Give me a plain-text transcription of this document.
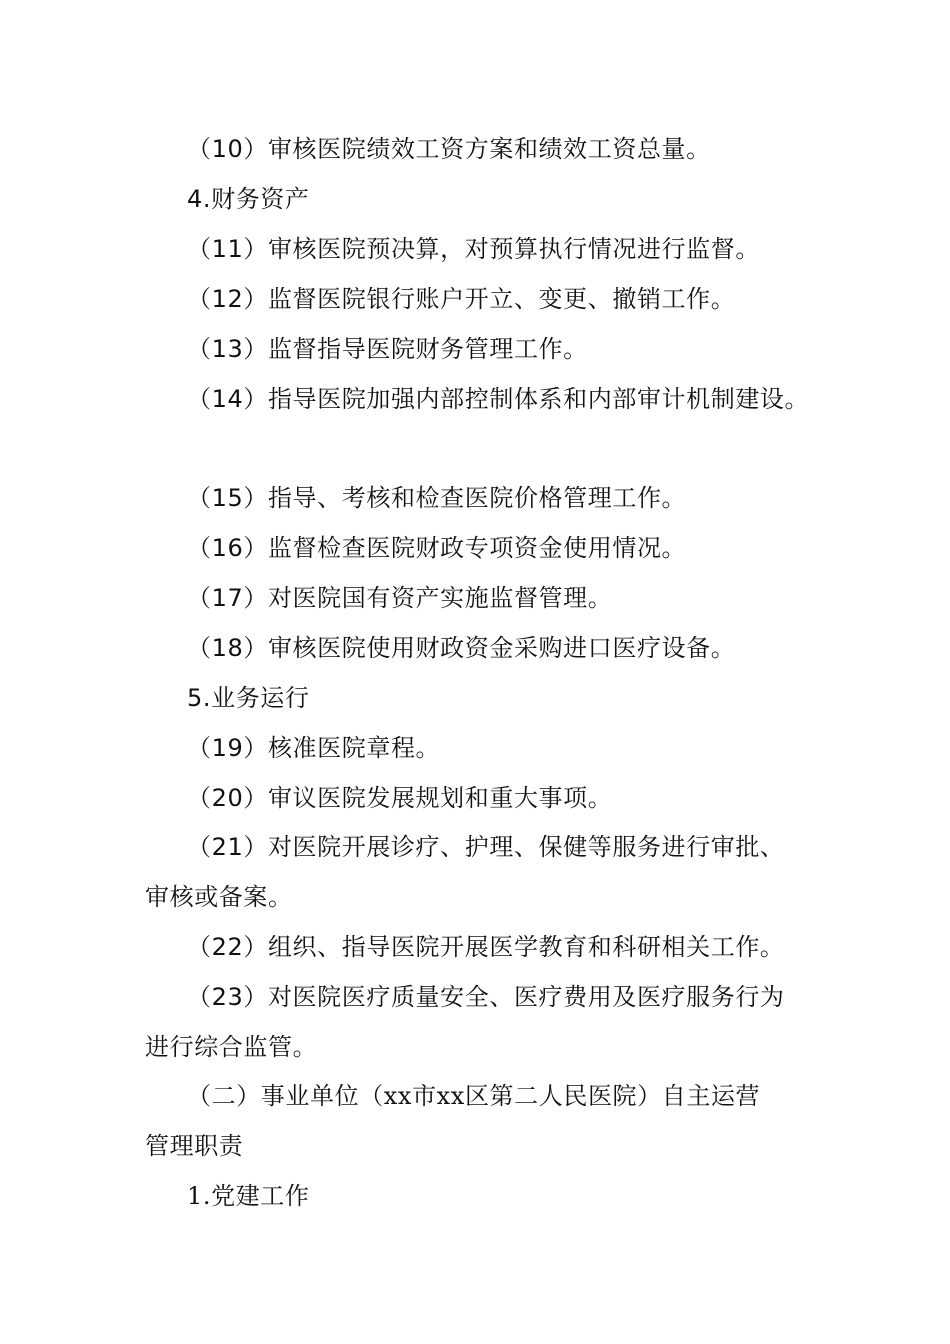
（10）审核医院绩效工资方案和绩效工资总量。
4.财务资产
（11）审核医院预决算，对预算执行情况进行监督。
（12）监督医院银行账户开立、变更、撤销工作。
（13）监督指导医院财务管理工作。
（14）指导医院加强内部控制体系和内部审计机制建设。
（15）指导、考核和检查医院价格管理工作。
（16）监督检查医院财政专项资金使用情况。
（17）对医院国有资产实施监督管理。
（18）审核医院使用财政资金采购进口医疗设备。
5.业务运行
（19）核准医院章程。
（20）审议医院发展规划和重大事项。
（21）对医院开展诊疗、护理、保健等服务进行审批、
审核或备案。
（22）组织、指导医院开展医学教育和科研相关工作。
（23）对医院医疗质量安全、医疗费用及医疗服务行为
进行综合监管。
（二）事业单位（xx市xx区第二人民医院）自主运营
管理职责
1.党建工作
